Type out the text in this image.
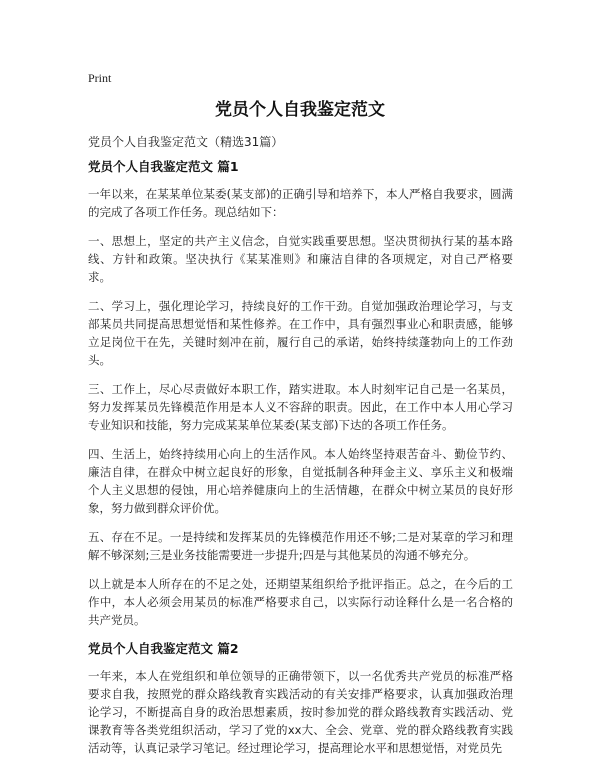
Print
党员个人自我鉴定范文
党员个人自我鉴定范文（精选31篇）
党员个人自我鉴定范文 篇1

一年以来，在某某单位某委(某支部)的正确引导和培养下，本人严格自我要求，圆满的完成了各项工作任务。现总结如下：

一、思想上，坚定的共产主义信念，自觉实践重要思想。坚决贯彻执行某的基本路线、方针和政策。坚决执行《某某准则》和廉洁自律的各项规定，对自己严格要求。

二、学习上，强化理论学习，持续良好的工作干劲。自觉加强政治理论学习，与支部某员共同提高思想觉悟和某性修养。在工作中，具有强烈事业心和职责感，能够立足岗位干在先，关键时刻冲在前，履行自己的承诺，始终持续蓬勃向上的工作劲头。

三、工作上，尽心尽责做好本职工作，踏实进取。本人时刻牢记自己是一名某员，努力发挥某员先锋模范作用是本人义不容辞的职责。因此，在工作中本人用心学习专业知识和技能，努力完成某某单位某委(某支部)下达的各项工作任务。

四、生活上，始终持续用心向上的生活作风。本人始终坚持艰苦奋斗、勤俭节约、廉洁自律，在群众中树立起良好的形象，自觉抵制各种拜金主义、享乐主义和极端个人主义思想的侵蚀，用心培养健康向上的生活情趣，在群众中树立某员的良好形象，努力做到群众评价优。

五、存在不足。一是持续和发挥某员的先锋模范作用还不够;二是对某章的学习和理解不够深刻;三是业务技能需要进一步提升;四是与其他某员的沟通不够充分。

以上就是本人所存在的不足之处，还期望某组织给予批评指正。总之，在今后的工作中，本人必须会用某员的标准严格要求自己，以实际行动诠释什么是一名合格的共产党员。

党员个人自我鉴定范文 篇2

一年来，本人在党组织和单位领导的正确带领下，以一名优秀共产党员的标准严格要求自我，按照党的群众路线教育实践活动的有关安排严格要求，认真加强政治理论学习，不断提高自身的政治思想素质，按时参加党的群众路线教育实践活动、党课教育等各类党组织活动，学习了党的xx大、全会、党章、党的群众路线教育实践活动等，认真记录学习笔记。经过理论学习，提高理论水平和思想觉悟，对党员先
